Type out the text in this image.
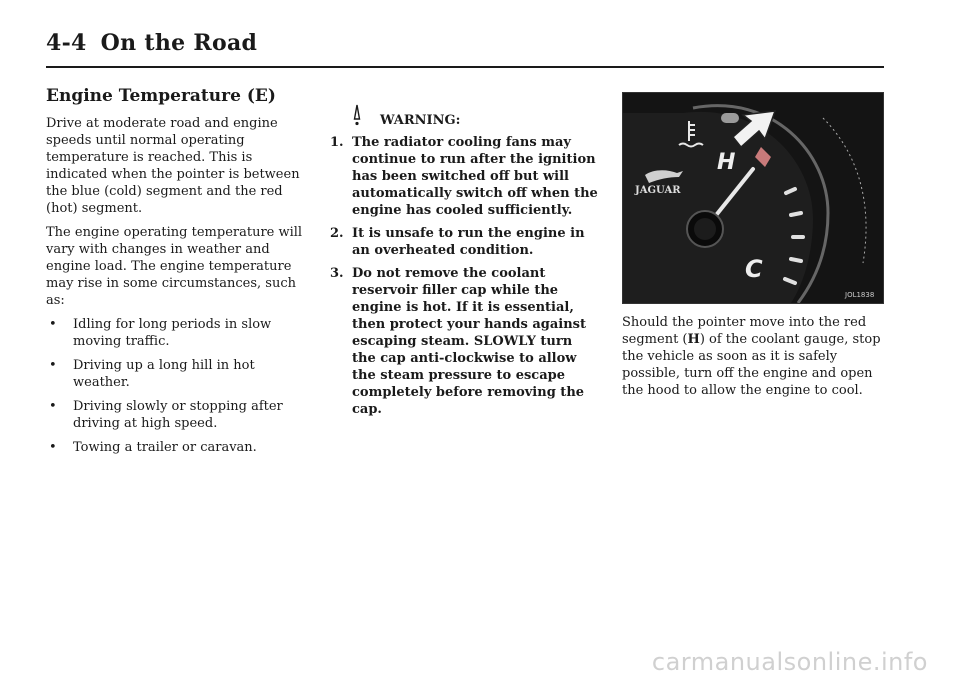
4-4 On the Road
Engine Temperature (E)

Drive at moderate road and engine speeds until normal operating temperature is reached. This is indicated when the pointer is between the blue (cold) segment and the red (hot) segment.

The engine operating temperature will vary with changes in weather and engine load. The engine temperature may rise in some circumstances, such as:

• Idling for long periods in slow moving traffic.
• Driving up a long hill in hot weather.
• Driving slowly or stopping after driving at high speed.
• Towing a trailer or caravan.
WARNING:
1. The radiator cooling fans may continue to run after the ignition has been switched off but will automatically switch off when the engine has cooled sufficiently.
2. It is unsafe to run the engine in an overheated condition.
3. Do not remove the coolant reservoir filler cap while the engine is hot. If it is essential, then protect your hands against escaping steam. SLOWLY turn the cap anti-clockwise to allow the steam pressure to escape completely before removing the cap.
H
C
JAGUAR
JOL1838

Should the pointer move into the red segment (H) of the coolant gauge, stop the vehicle as soon as it is safely possible, turn off the engine and open the hood to allow the engine to cool.

carmanualsonline.info
